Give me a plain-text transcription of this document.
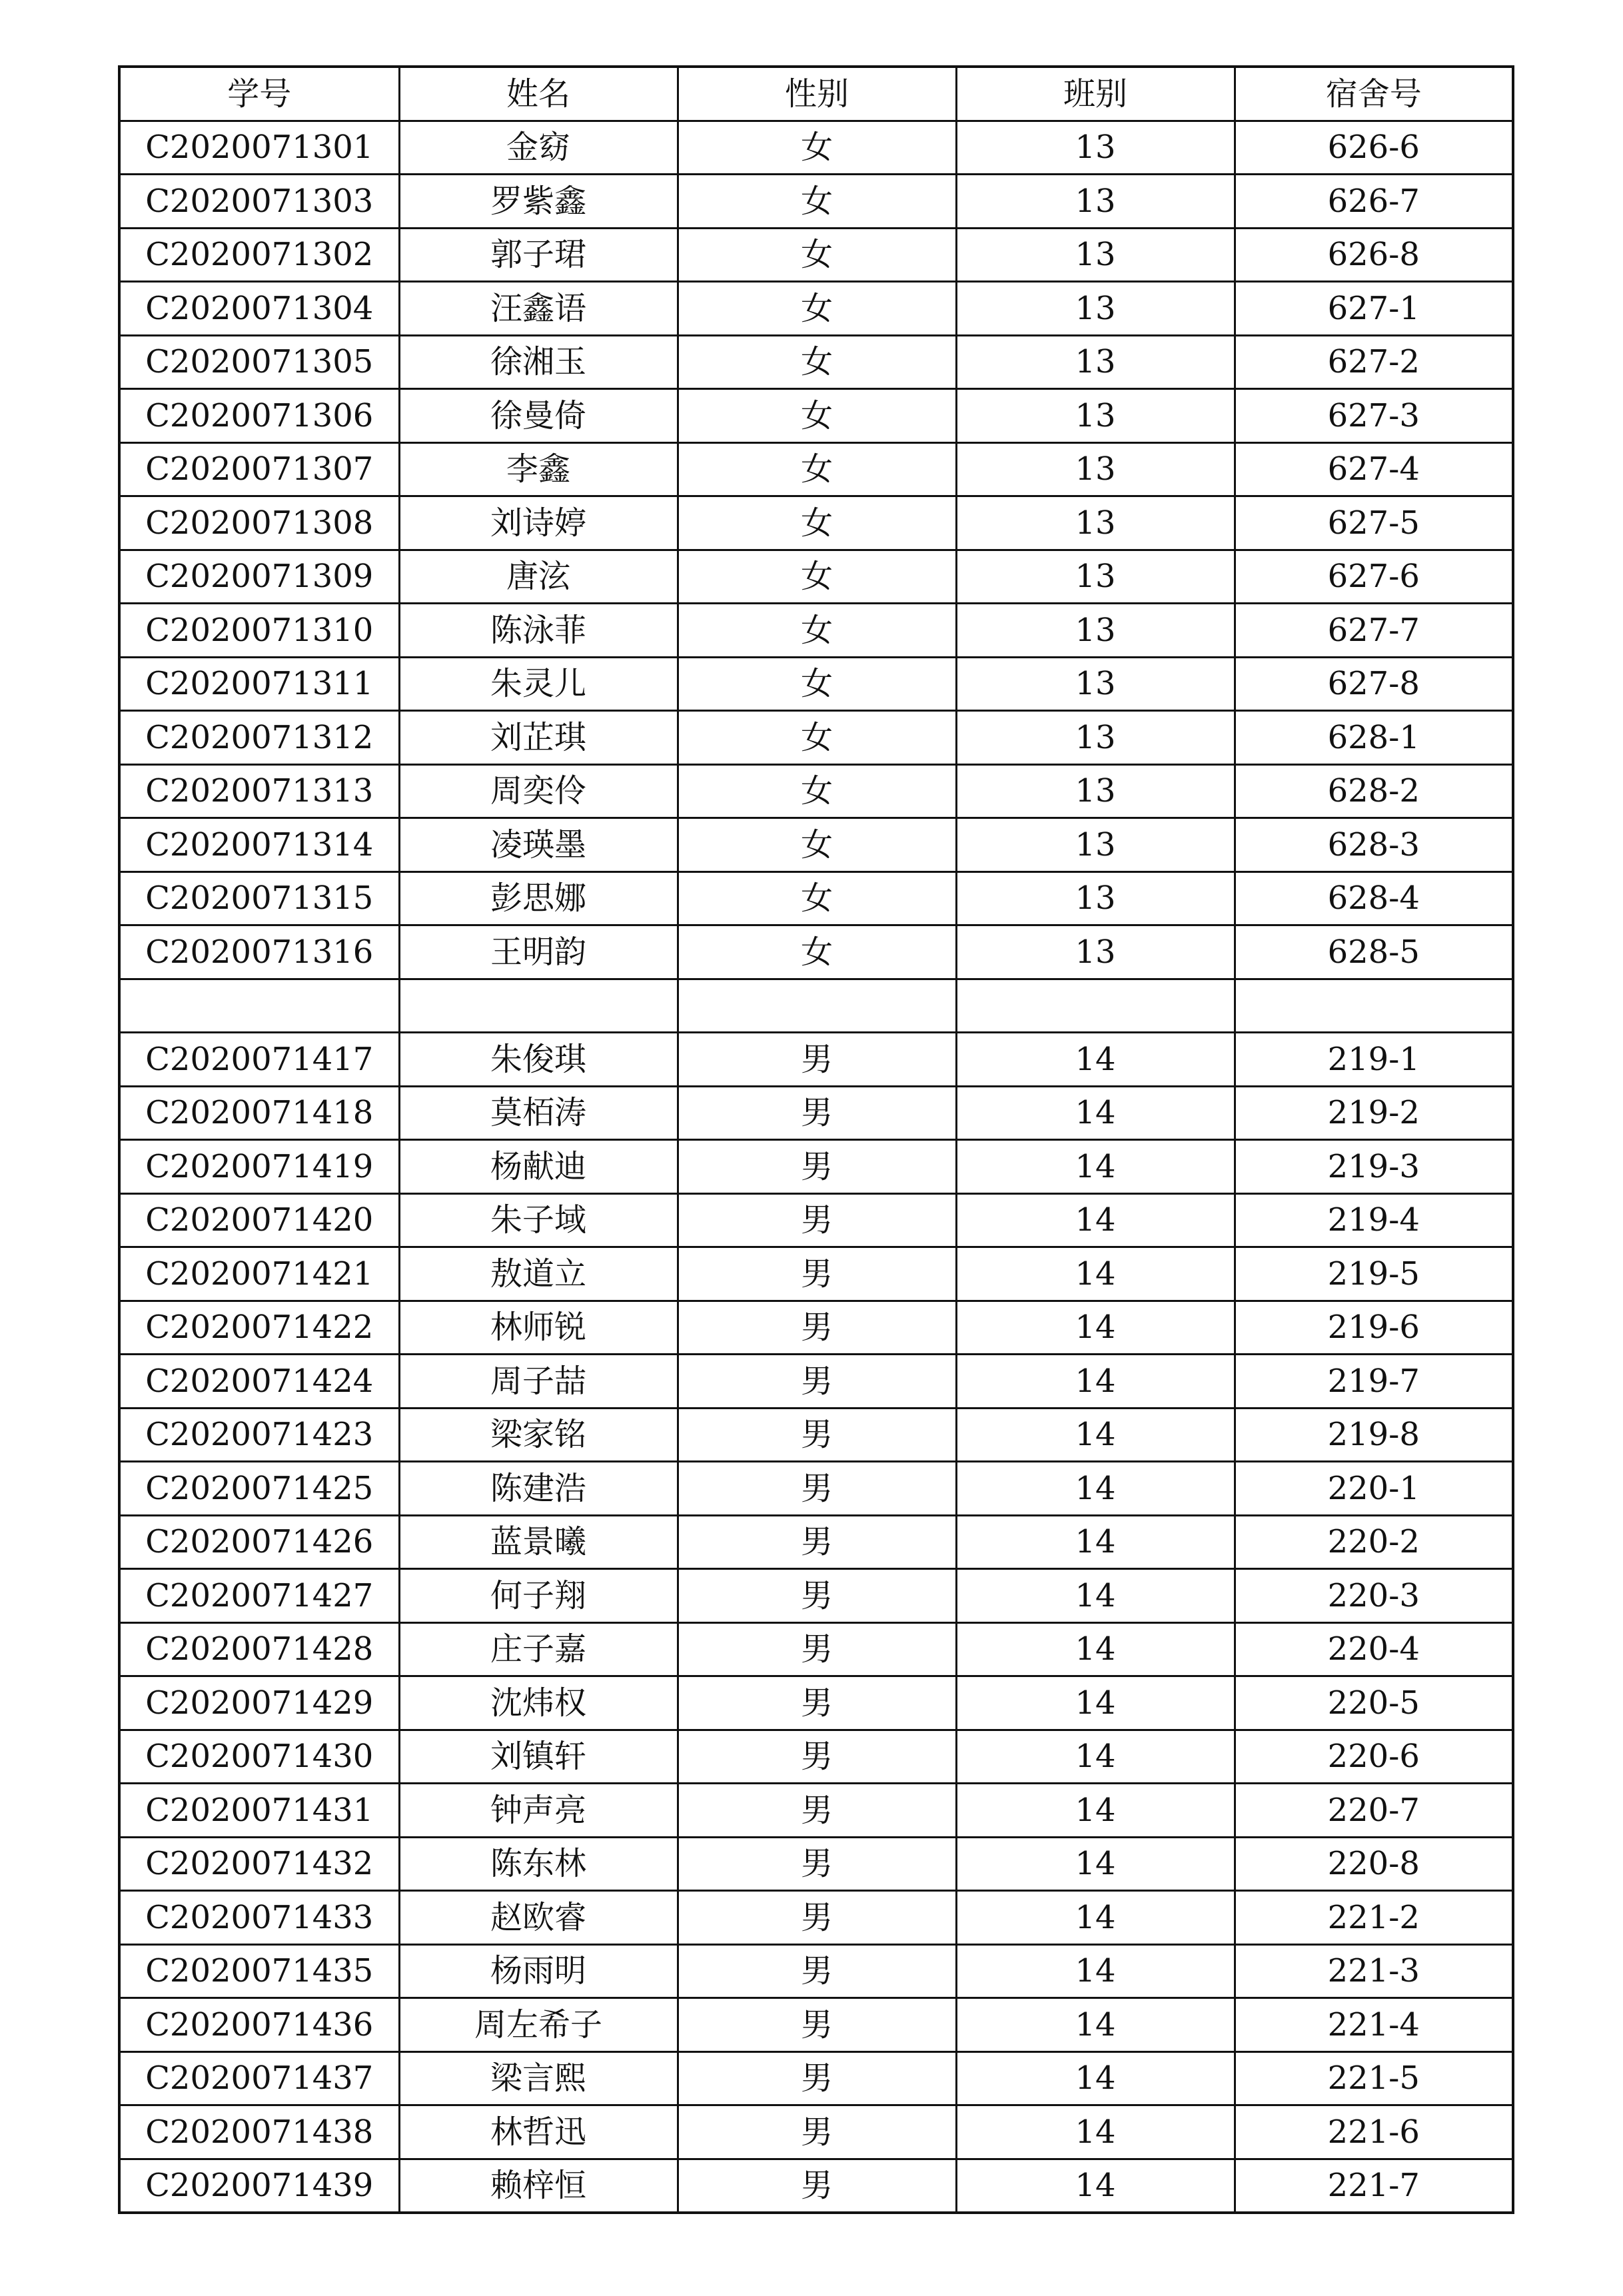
学号	姓名	性别	班别	宿舍号
C2020071301	金窈	女	13	626-6
C2020071303	罗紫鑫	女	13	626-7
C2020071302	郭子珺	女	13	626-8
C2020071304	汪鑫语	女	13	627-1
C2020071305	徐湘玉	女	13	627-2
C2020071306	徐曼倚	女	13	627-3
C2020071307	李鑫	女	13	627-4
C2020071308	刘诗婷	女	13	627-5
C2020071309	唐泫	女	13	627-6
C2020071310	陈泳菲	女	13	627-7
C2020071311	朱灵儿	女	13	627-8
C2020071312	刘芷琪	女	13	628-1
C2020071313	周奕伶	女	13	628-2
C2020071314	凌瑛墨	女	13	628-3
C2020071315	彭思娜	女	13	628-4
C2020071316	王明韵	女	13	628-5

C2020071417	朱俊琪	男	14	219-1
C2020071418	莫栢涛	男	14	219-2
C2020071419	杨献迪	男	14	219-3
C2020071420	朱子域	男	14	219-4
C2020071421	敖道立	男	14	219-5
C2020071422	林师锐	男	14	219-6
C2020071424	周子喆	男	14	219-7
C2020071423	梁家铭	男	14	219-8
C2020071425	陈建浩	男	14	220-1
C2020071426	蓝景曦	男	14	220-2
C2020071427	何子翔	男	14	220-3
C2020071428	庄子嘉	男	14	220-4
C2020071429	沈炜权	男	14	220-5
C2020071430	刘镇轩	男	14	220-6
C2020071431	钟声亮	男	14	220-7
C2020071432	陈东林	男	14	220-8
C2020071433	赵欧睿	男	14	221-2
C2020071435	杨雨明	男	14	221-3
C2020071436	周左希子	男	14	221-4
C2020071437	梁言熙	男	14	221-5
C2020071438	林哲迅	男	14	221-6
C2020071439	赖梓恒	男	14	221-7
